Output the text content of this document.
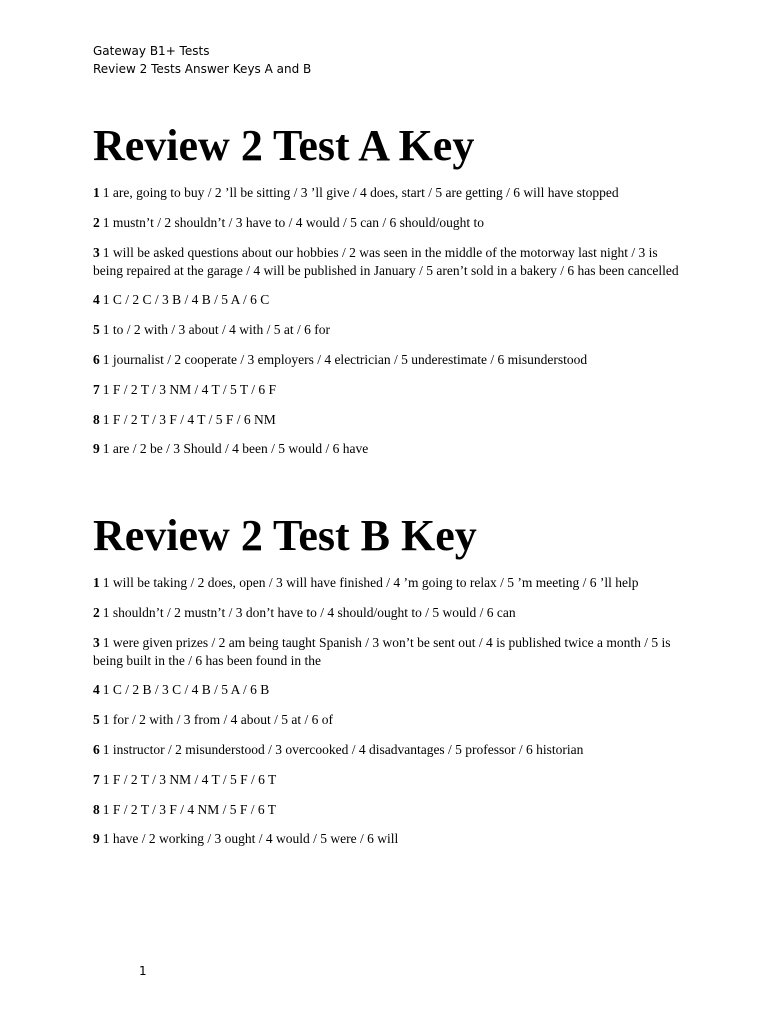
Gateway B1+ Tests
Review 2 Tests Answer Keys A and B
Review 2 Test A Key
1 1 are, going to buy / 2 ’ll be sitting / 3 ’ll give / 4 does, start / 5 are getting / 6 will have stopped
2 1 mustn’t / 2 shouldn’t / 3 have to / 4 would / 5 can / 6 should/ought to
3 1 will be asked questions about our hobbies / 2 was seen in the middle of the motorway last night / 3 is being repaired at the garage / 4 will be published in January / 5 aren’t sold in a bakery / 6 has been cancelled
4 1 C / 2 C / 3 B / 4 B / 5 A / 6 C
5 1 to / 2 with / 3 about / 4 with / 5 at / 6 for
6 1 journalist / 2 cooperate / 3 employers / 4 electrician / 5 underestimate / 6 misunderstood
7 1 F / 2 T / 3 NM / 4 T / 5 T / 6 F
8 1 F / 2 T / 3 F / 4 T / 5 F / 6 NM
9 1 are / 2 be / 3 Should / 4 been / 5 would / 6 have
Review 2 Test B Key
1 1 will be taking / 2 does, open / 3 will have finished / 4 ’m going to relax / 5 ’m meeting / 6 ’ll help
2 1 shouldn’t / 2 mustn’t / 3 don’t have to / 4 should/ought to / 5 would / 6 can
3 1 were given prizes / 2 am being taught Spanish / 3 won’t be sent out / 4 is published twice a month / 5 is being built in the / 6 has been found in the
4 1 C / 2 B / 3 C / 4 B / 5 A / 6 B
5 1 for / 2 with / 3 from / 4 about / 5 at / 6 of
6 1 instructor / 2 misunderstood / 3 overcooked / 4 disadvantages / 5 professor / 6 historian
7 1 F / 2 T / 3 NM / 4 T / 5 F / 6 T
8 1 F / 2 T / 3 F / 4 NM / 5 F / 6 T
9 1 have / 2 working / 3 ought / 4 would / 5 were / 6 will
1
